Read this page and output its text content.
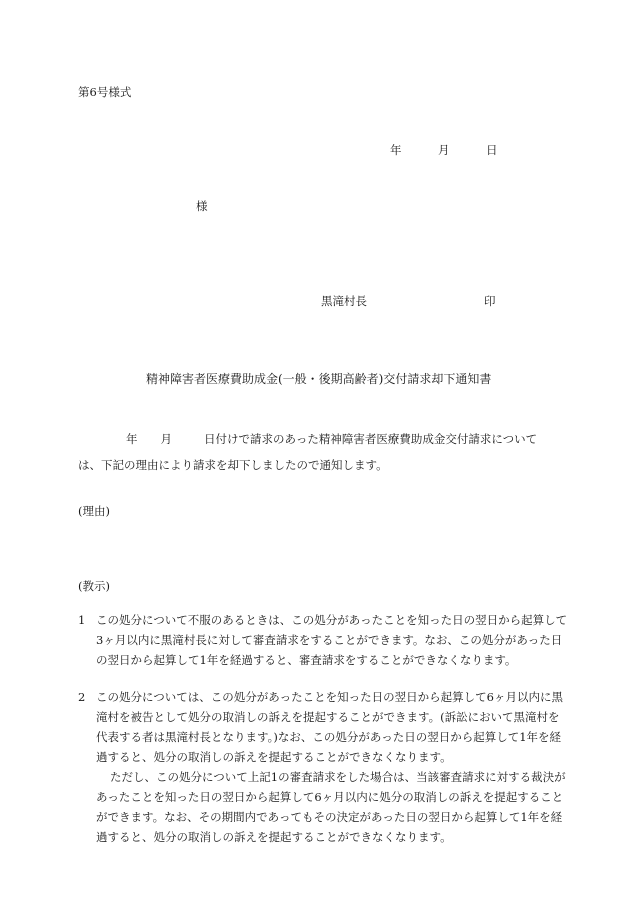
第6号様式
年	月	日
様
黒滝村長	印
精神障害者医療費助成金(一般・後期高齢者)交付請求却下通知書
年 月	日付けで請求のあった精神障害者医療費助成金交付請求について
は、下記の理由により請求を却下しましたので通知します。
(理由)
(教示)
1 この処分について不服のあるときは、この処分があったことを知った日の翌日から起算して3ヶ月以内に黒滝村長に対して審査請求をすることができます。なお、この処分があった日の翌日から起算して1年を経過すると、審査請求をすることができなくなります。
2 この処分については、この処分があったことを知った日の翌日から起算して6ヶ月以内に黒滝村を被告として処分の取消しの訴えを提起することができます。(訴訟において黒滝村を代表する者は黒滝村長となります。)なお、この処分があった日の翌日から起算して1年を経過すると、処分の取消しの訴えを提起することができなくなります。
ただし、この処分について上記1の審査請求をした場合は、当該審査請求に対する裁決があったことを知った日の翌日から起算して6ヶ月以内に処分の取消しの訴えを提起することができます。なお、その期間内であってもその決定があった日の翌日から起算して1年を経過すると、処分の取消しの訴えを提起することができなくなります。
